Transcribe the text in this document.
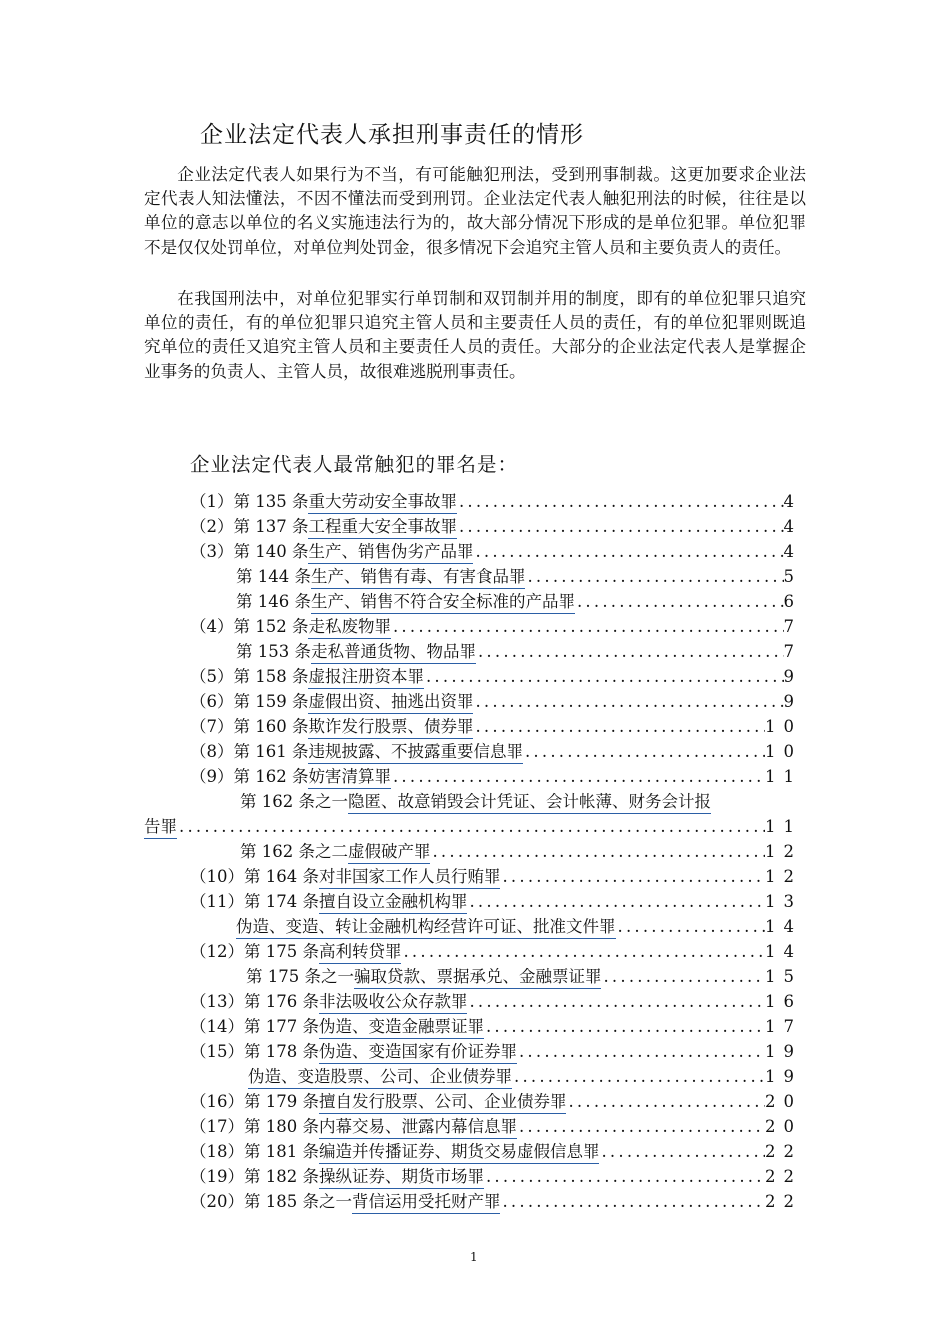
企业法定代表人承担刑事责任的情形

企业法定代表人如果行为不当，有可能触犯刑法，受到刑事制裁。这更加要求企业法定代表人知法懂法，不因不懂法而受到刑罚。企业法定代表人触犯刑法的时候，往往是以单位的意志以单位的名义实施违法行为的，故大部分情况下形成的是单位犯罪。单位犯罪不是仅仅处罚单位，对单位判处罚金，很多情况下会追究主管人员和主要负责人的责任。

在我国刑法中，对单位犯罪实行单罚制和双罚制并用的制度，即有的单位犯罪只追究单位的责任，有的单位犯罪只追究主管人员和主要责任人员的责任，有的单位犯罪则既追究单位的责任又追究主管人员和主要责任人员的责任。大部分的企业法定代表人是掌握企业事务的负责人、主管人员，故很难逃脱刑事责任。

企业法定代表人最常触犯的罪名是：
（1）第 135 条 重大劳动安全事故罪 .....	4
（2）第 137 条 工程重大安全事故罪 .....	4
（3）第 140 条 生产、销售伪劣产品罪 .....	4
第 144 条 生产、销售有毒、有害食品罪 .....	5
第 146 条 生产、销售不符合安全标准的产品罪 .....	6
（4）第 152 条 走私废物罪 .....	7
第 153 条 走私普通货物、物品罪 .....	7
（5）第 158 条 虚报注册资本罪 .....	9
（6）第 159 条 虚假出资、抽逃出资罪 .....	9
（7）第 160 条 欺诈发行股票、债券罪 .....	10
（8）第 161 条 违规披露、不披露重要信息罪 .....	10
（9）第 162 条 妨害清算罪 .....	11
第 162 条之一 隐匿、故意销毁会计凭证、会计帐薄、财务会计报
告罪 .....	11
第 162 条之二 虚假破产罪 .....	12
（10）第 164 条 对非国家工作人员行贿罪 .....	12
（11）第 174 条 擅自设立金融机构罪 .....	13
伪造、变造、转让金融机构经营许可证、批准文件罪 .....	14
（12）第 175 条 高利转贷罪 .....	14
第 175 条之一 骗取贷款、票据承兑、金融票证罪 .....	15
（13）第 176 条 非法吸收公众存款罪 .....	16
（14）第 177 条 伪造、变造金融票证罪 .....	17
（15）第 178 条 伪造、变造国家有价证券罪 .....	19
伪造、变造股票、公司、企业债券罪 .....	19
（16）第 179 条 擅自发行股票、公司、企业债券罪 .....	20
（17）第 180 条 内幕交易、泄露内幕信息罪 .....	20
（18）第 181 条 编造并传播证券、期货交易虚假信息罪 .....	22
（19）第 182 条 操纵证券、期货市场罪 .....	22
（20）第 185 条之一 背信运用受托财产罪 .....	22
1
